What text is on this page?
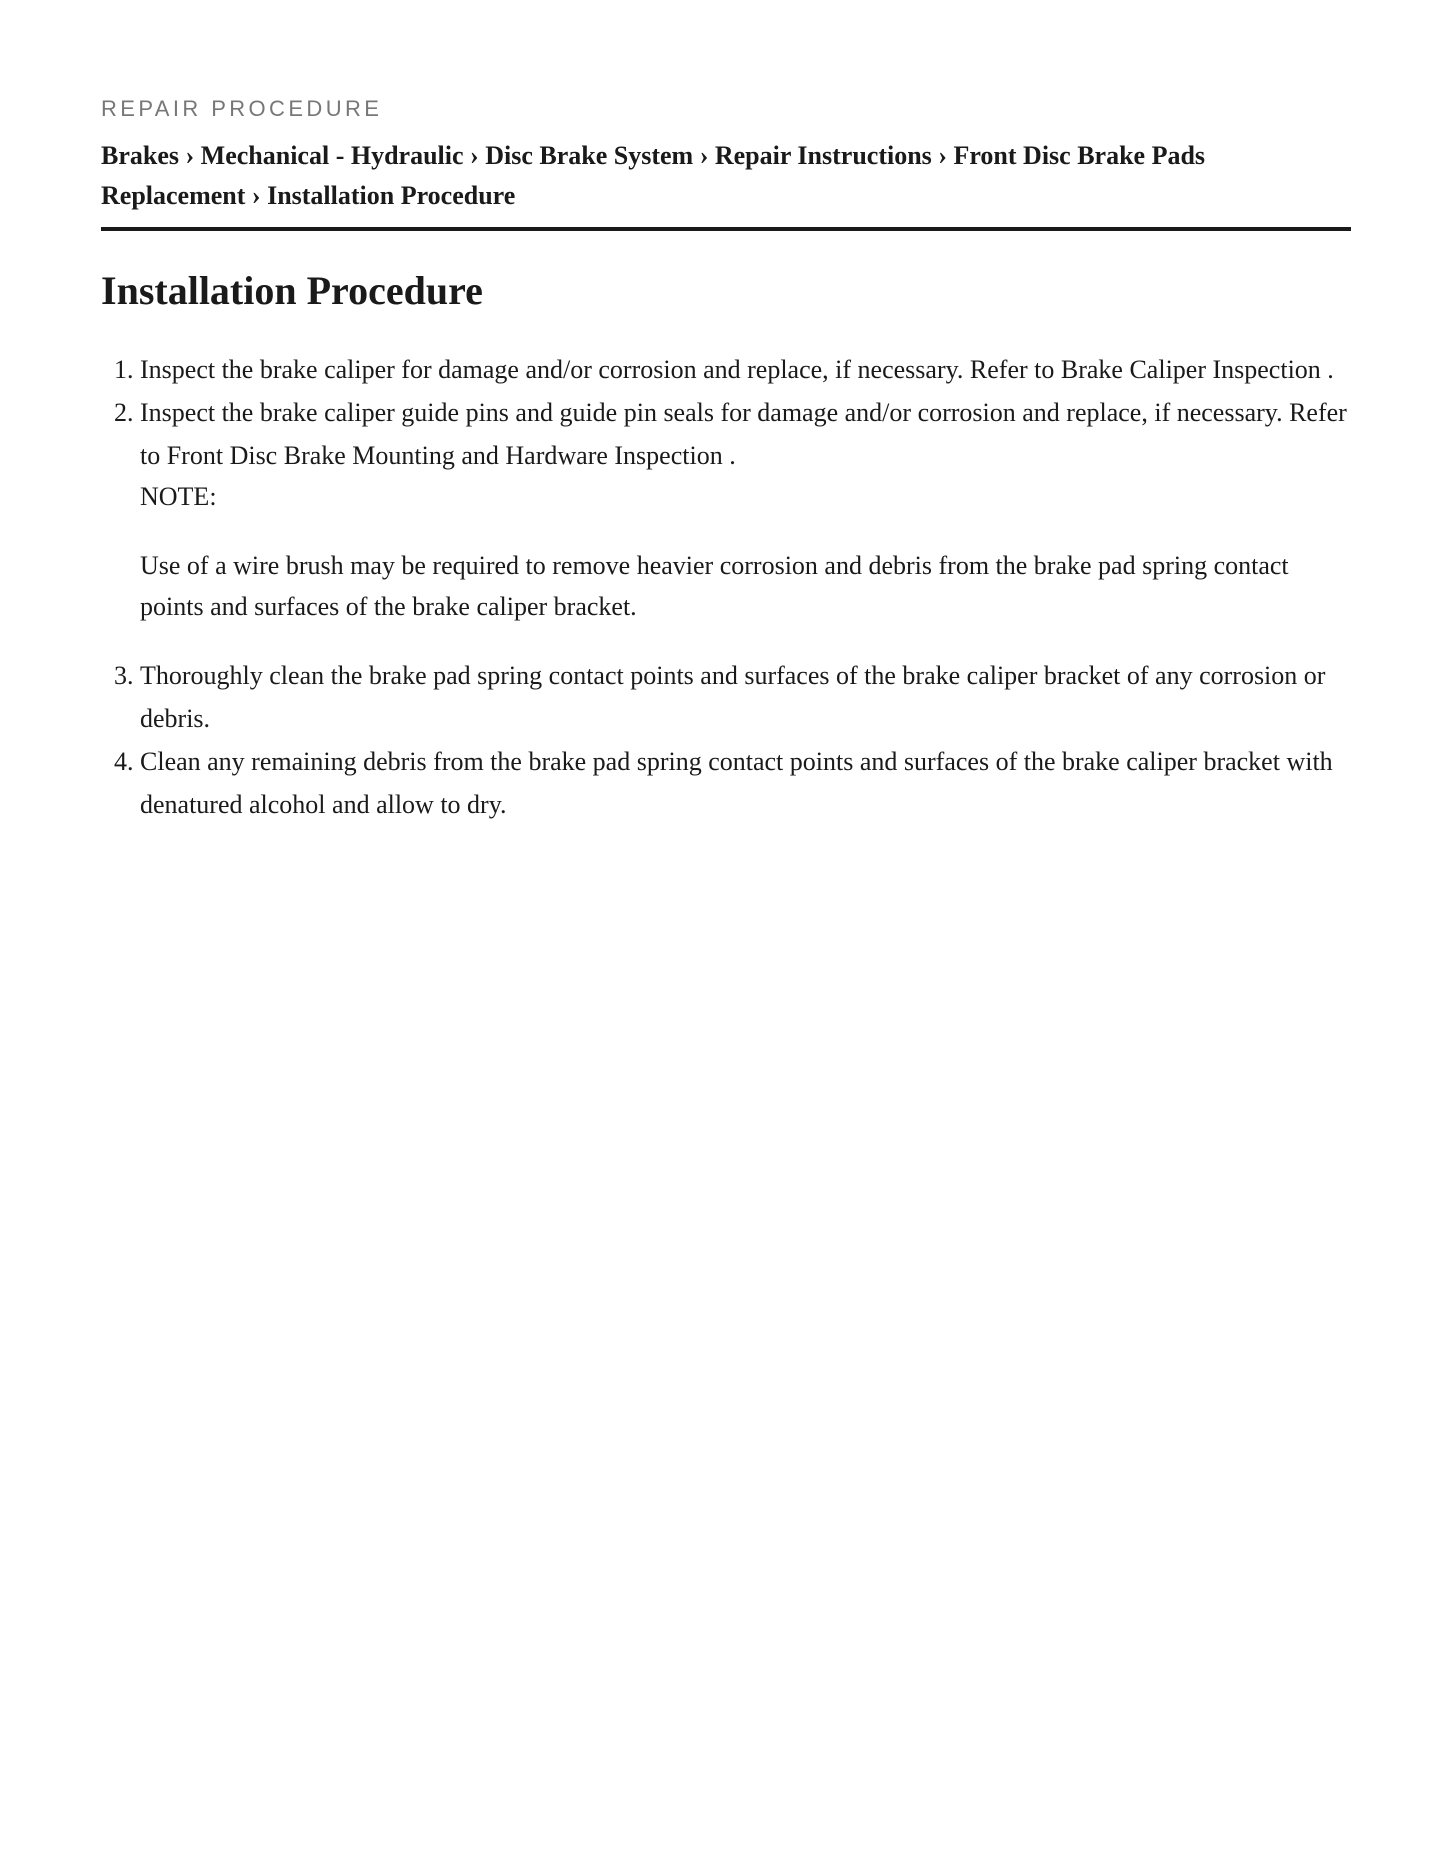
REPAIR PROCEDURE
Brakes › Mechanical - Hydraulic › Disc Brake System › Repair Instructions › Front Disc Brake Pads Replacement › Installation Procedure
Installation Procedure
1. Inspect the brake caliper for damage and/or corrosion and replace, if necessary. Refer to Brake Caliper Inspection .
2. Inspect the brake caliper guide pins and guide pin seals for damage and/or corrosion and replace, if necessary. Refer to Front Disc Brake Mounting and Hardware Inspection .
NOTE:
Use of a wire brush may be required to remove heavier corrosion and debris from the brake pad spring contact points and surfaces of the brake caliper bracket.
3. Thoroughly clean the brake pad spring contact points and surfaces of the brake caliper bracket of any corrosion or debris.
4. Clean any remaining debris from the brake pad spring contact points and surfaces of the brake caliper bracket with denatured alcohol and allow to dry.
